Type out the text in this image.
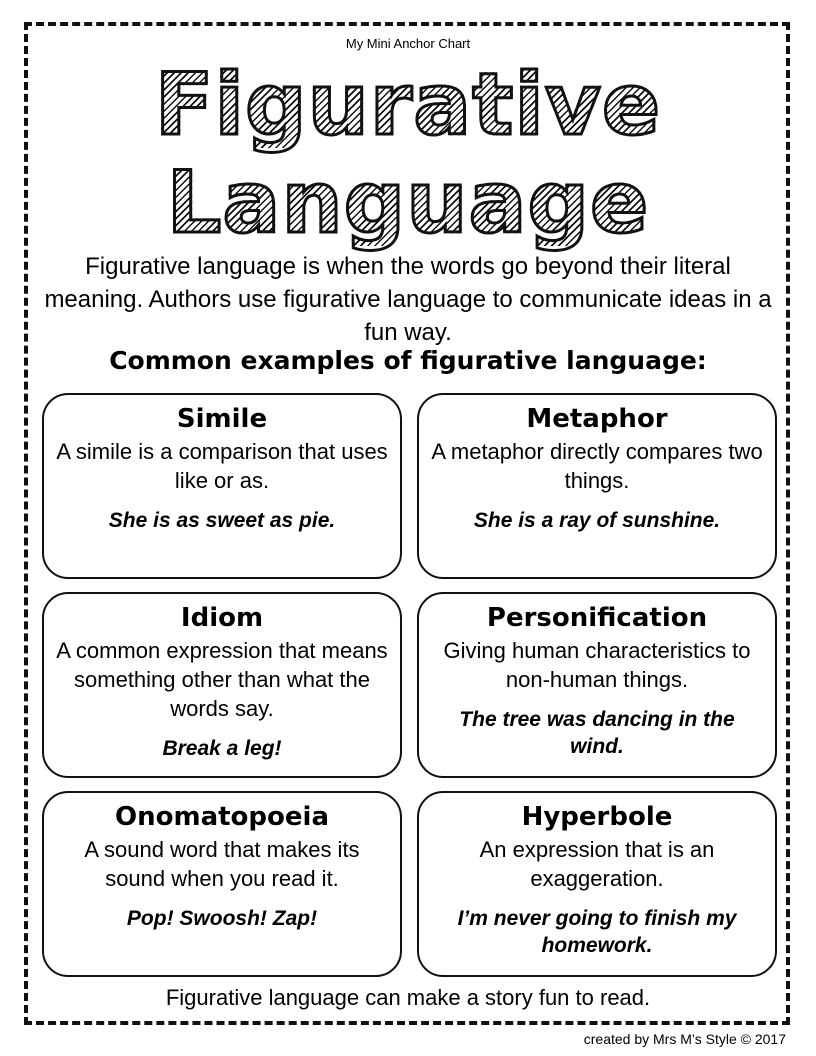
My Mini Anchor Chart
Figurative
Language
Figurative language is when the words go beyond their literal meaning. Authors use figurative language to communicate ideas in a fun way.
Common examples of figurative language:
Simile
A simile is a comparison that uses like or as.
She is as sweet as pie.
Metaphor
A metaphor directly compares two things.
She is a ray of sunshine.
Idiom
A common expression that means something other than what the words say.
Break a leg!
Personification
Giving human characteristics to non-human things.
The tree was dancing in the wind.
Onomatopoeia
A sound word that makes its sound when you read it.
Pop! Swoosh! Zap!
Hyperbole
An expression that is an exaggeration.
I’m never going to finish my homework.
Figurative language can make a story fun to read.
created by Mrs M’s Style © 2017
